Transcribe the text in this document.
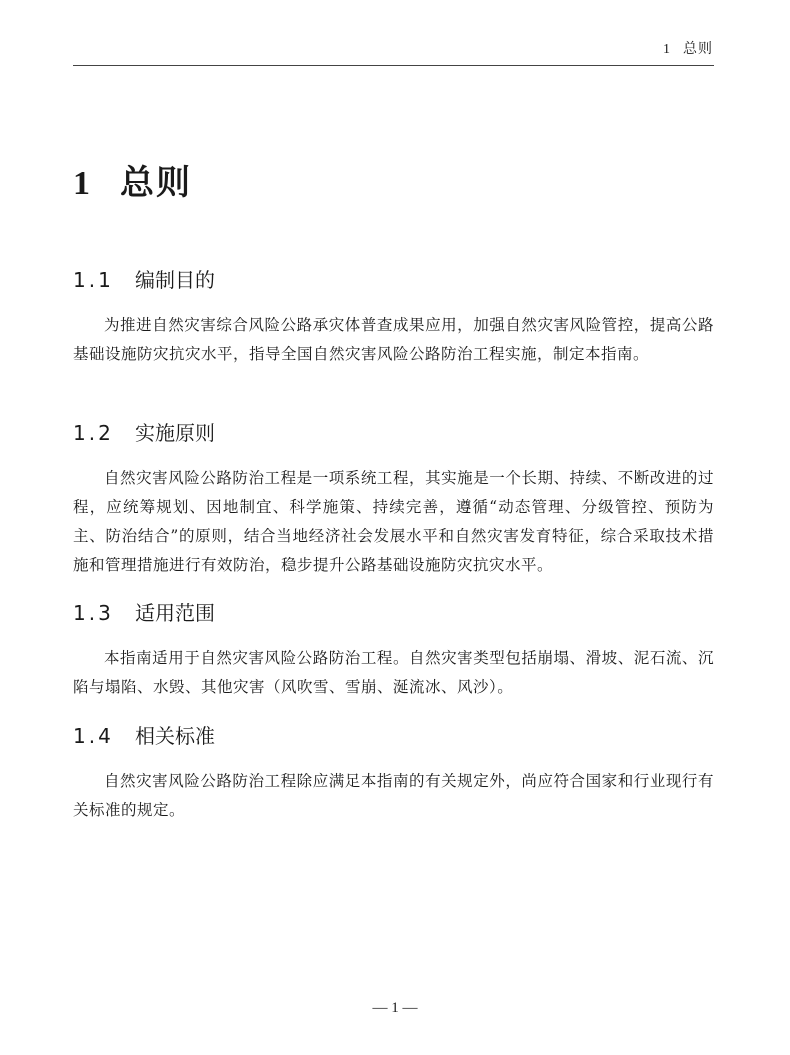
1 总则
1 总则
1.1 编制目的

为推进自然灾害综合风险公路承灾体普查成果应用，加强自然灾害风险管控，提高公路基础设施防灾抗灾水平，指导全国自然灾害风险公路防治工程实施，制定本指南。

1.2 实施原则

自然灾害风险公路防治工程是一项系统工程，其实施是一个长期、持续、不断改进的过程，应统筹规划、因地制宜、科学施策、持续完善，遵循“动态管理、分级管控、预防为主、防治结合”的原则，结合当地经济社会发展水平和自然灾害发育特征，综合采取技术措施和管理措施进行有效防治，稳步提升公路基础设施防灾抗灾水平。

1.3 适用范围

本指南适用于自然灾害风险公路防治工程。自然灾害类型包括崩塌、滑坡、泥石流、沉陷与塌陷、水毁、其他灾害（风吹雪、雪崩、涎流冰、风沙）。

1.4 相关标准

自然灾害风险公路防治工程除应满足本指南的有关规定外，尚应符合国家和行业现行有关标准的规定。

— 1 —
